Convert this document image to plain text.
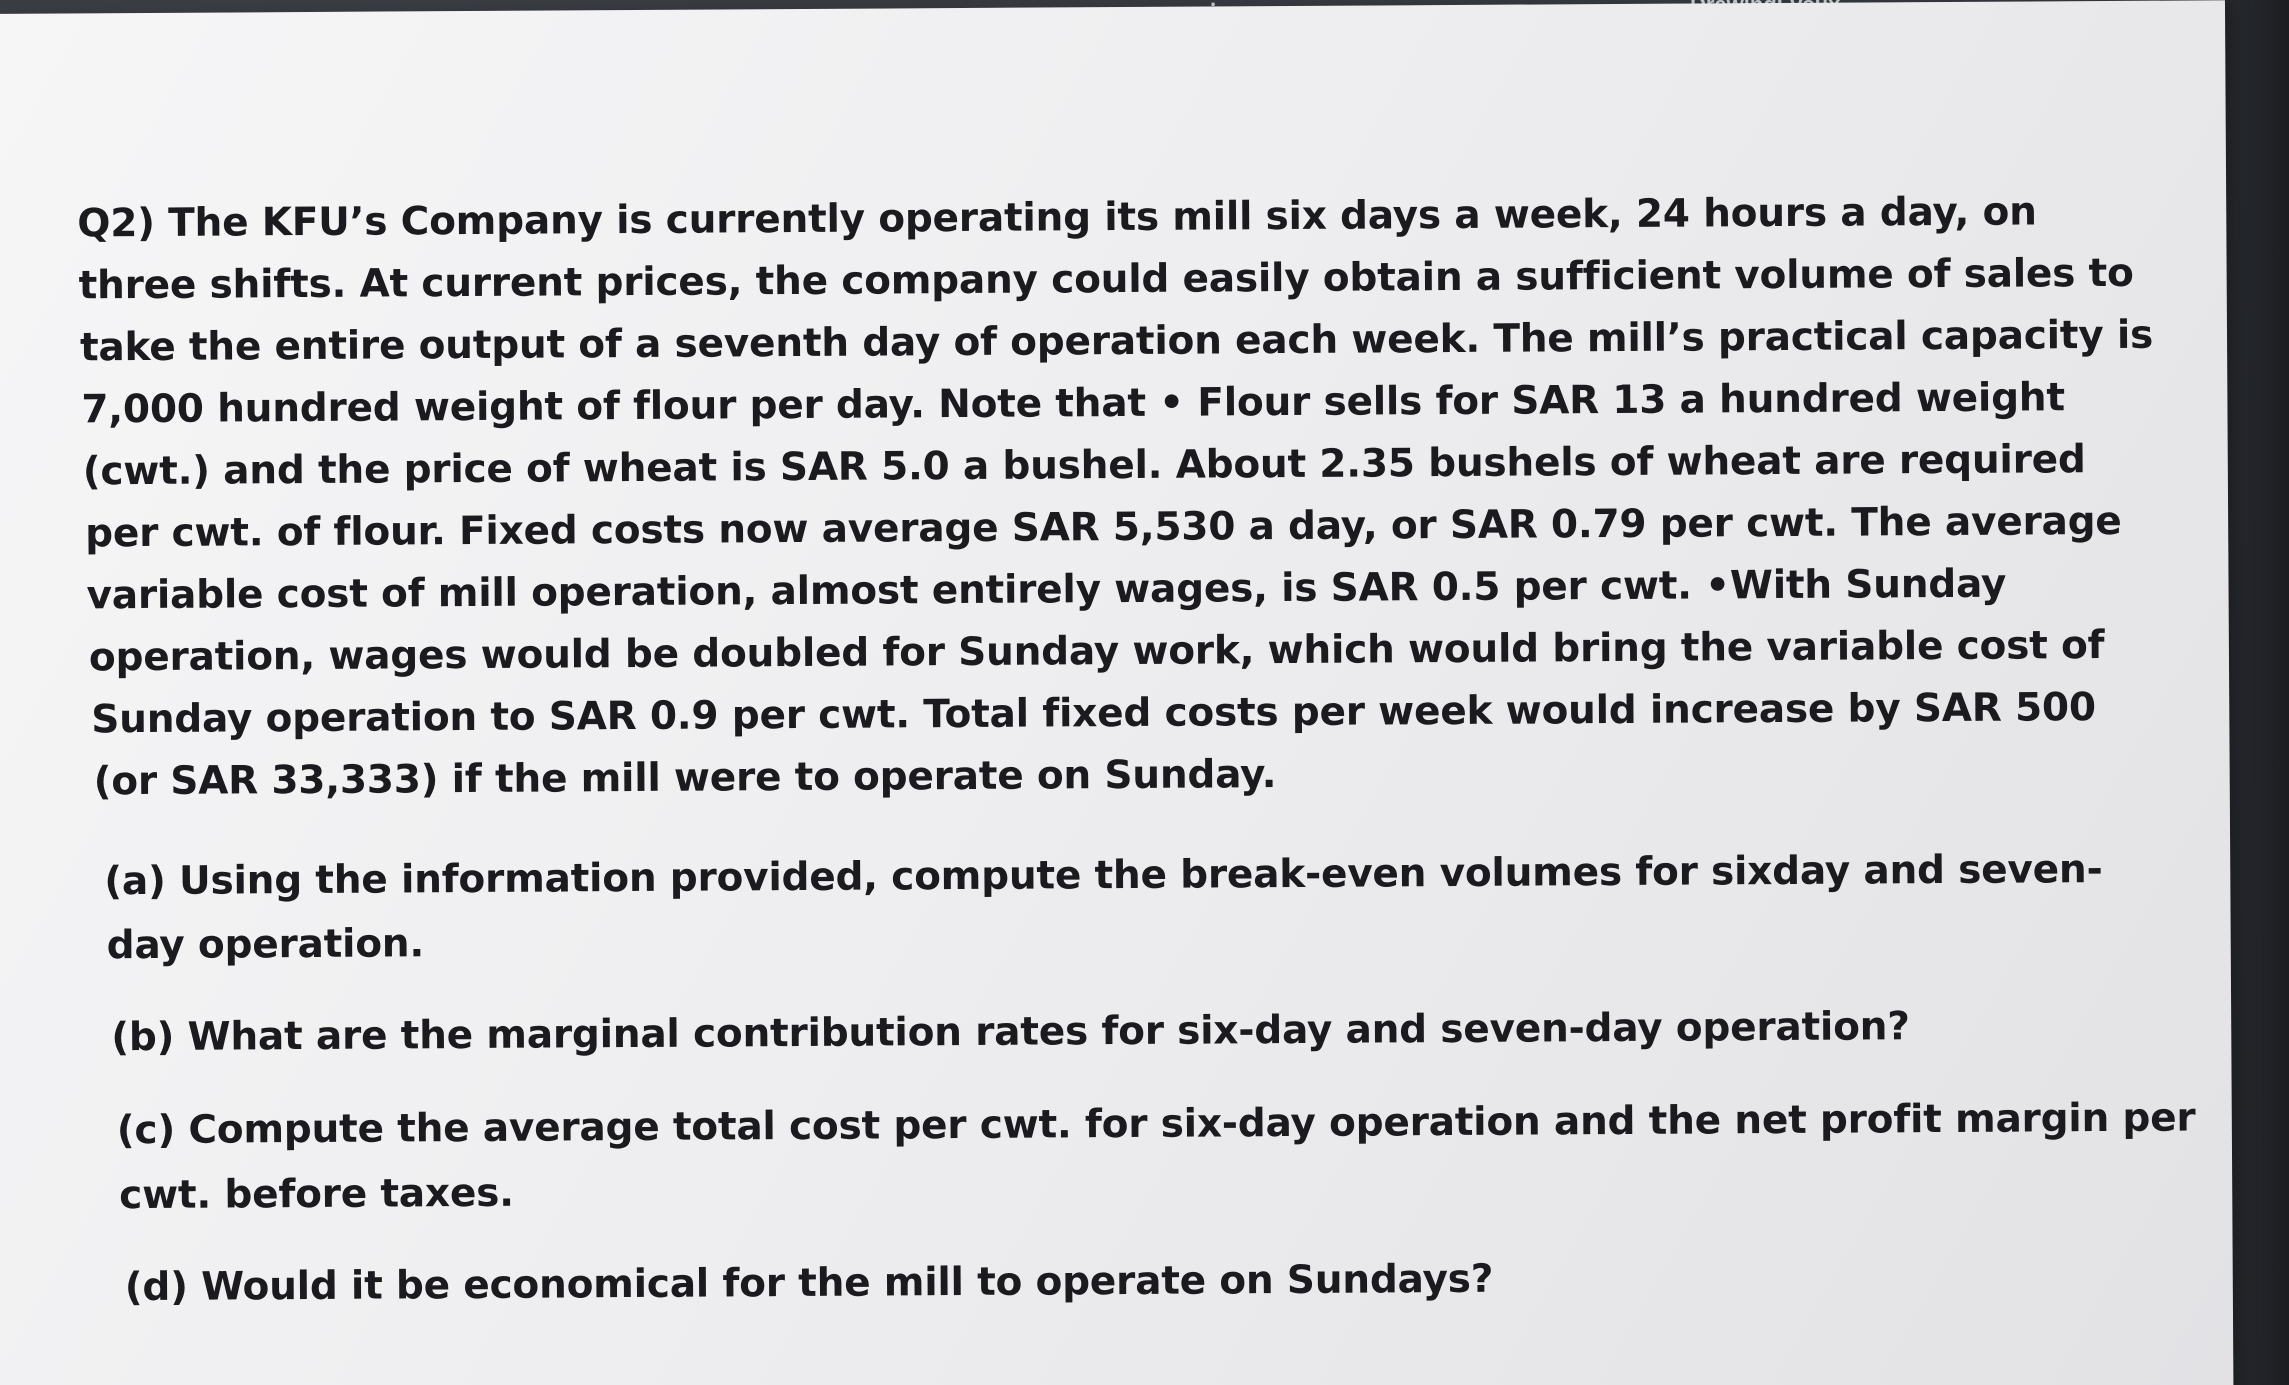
Q2) The KFU’s Company is currently operating its mill six days a week, 24 hours a day, on
three shifts. At current prices, the company could easily obtain a sufficient volume of sales to
take the entire output of a seventh day of operation each week. The mill’s practical capacity is
7,000 hundred weight of flour per day. Note that • Flour sells for SAR 13 a hundred weight
(cwt.) and the price of wheat is SAR 5.0 a bushel. About 2.35 bushels of wheat are required
per cwt. of flour. Fixed costs now average SAR 5,530 a day, or SAR 0.79 per cwt. The average
variable cost of mill operation, almost entirely wages, is SAR 0.5 per cwt. •With Sunday
operation, wages would be doubled for Sunday work, which would bring the variable cost of
Sunday operation to SAR 0.9 per cwt. Total fixed costs per week would increase by SAR 500
(or SAR 33,333) if the mill were to operate on Sunday.
(a) Using the information provided, compute the break-even volumes for sixday and seven-
day operation.
(b) What are the marginal contribution rates for six-day and seven-day operation?
(c) Compute the average total cost per cwt. for six-day operation and the net profit margin per
cwt. before taxes.
(d) Would it be economical for the mill to operate on Sundays?
